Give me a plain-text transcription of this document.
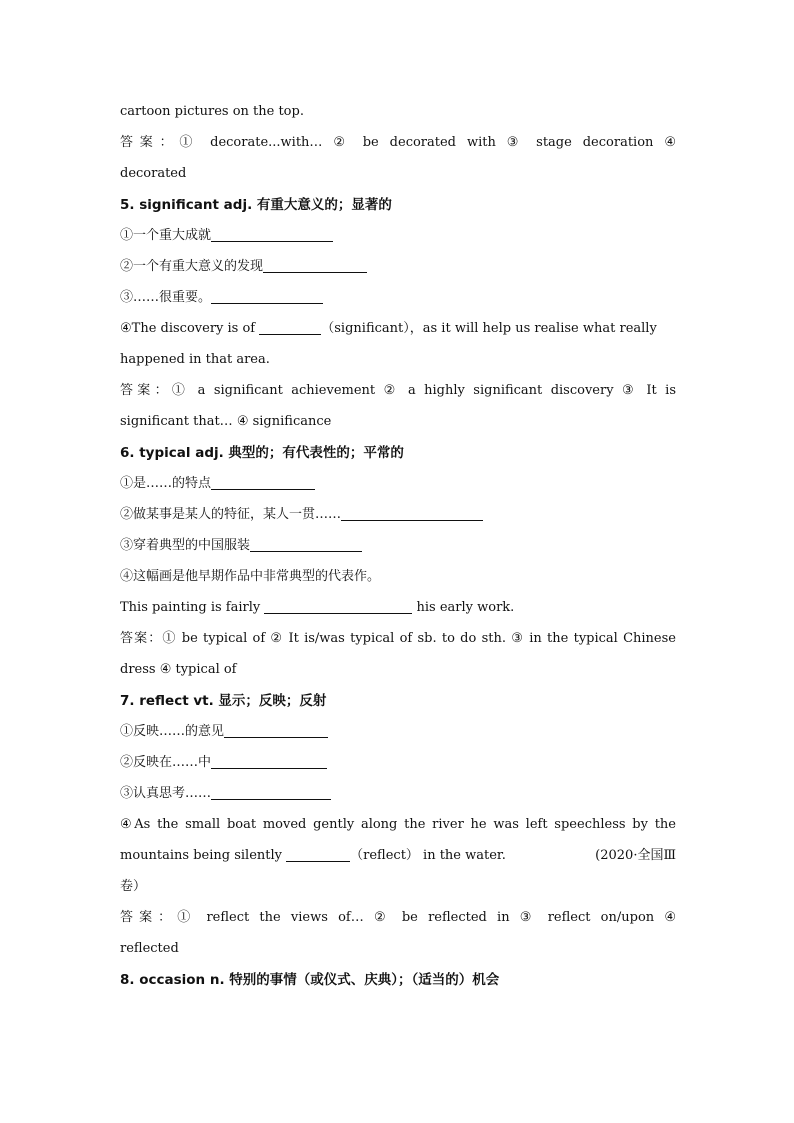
cartoon pictures on the top.
答案：① decorate...with… ② be decorated with ③ stage decoration ④
decorated
5. significant adj. 有重大意义的；显著的
①一个重大成就
②一个有重大意义的发现
③……很重要。
④The discovery is of	（significant），as it will help us realise what really
happened in that area.
答案：① a significant achievement ② a highly significant discovery ③ It is
significant that… ④ significance
6. typical adj. 典型的；有代表性的；平常的
①是……的特点
②做某事是某人的特征，某人一贯……
③穿着典型的中国服装
④这幅画是他早期作品中非常典型的代表作。
This painting is fairly	his early work.
答案：① be typical of ② It is/was typical of sb. to do sth. ③ in the typical Chinese
dress ④ typical of
7. reflect vt. 显示；反映；反射
①反映……的意见
②反映在……中
③认真思考……
④As the small boat moved gently along the river he was left speechless by the
mountains being silently	（reflect） in the water.	(2020·全国Ⅲ
卷）
答案：① reflect the views of… ② be reflected in ③ reflect on/upon ④
reflected
8. occasion n. 特别的事情（或仪式、庆典）；（适当的）机会
